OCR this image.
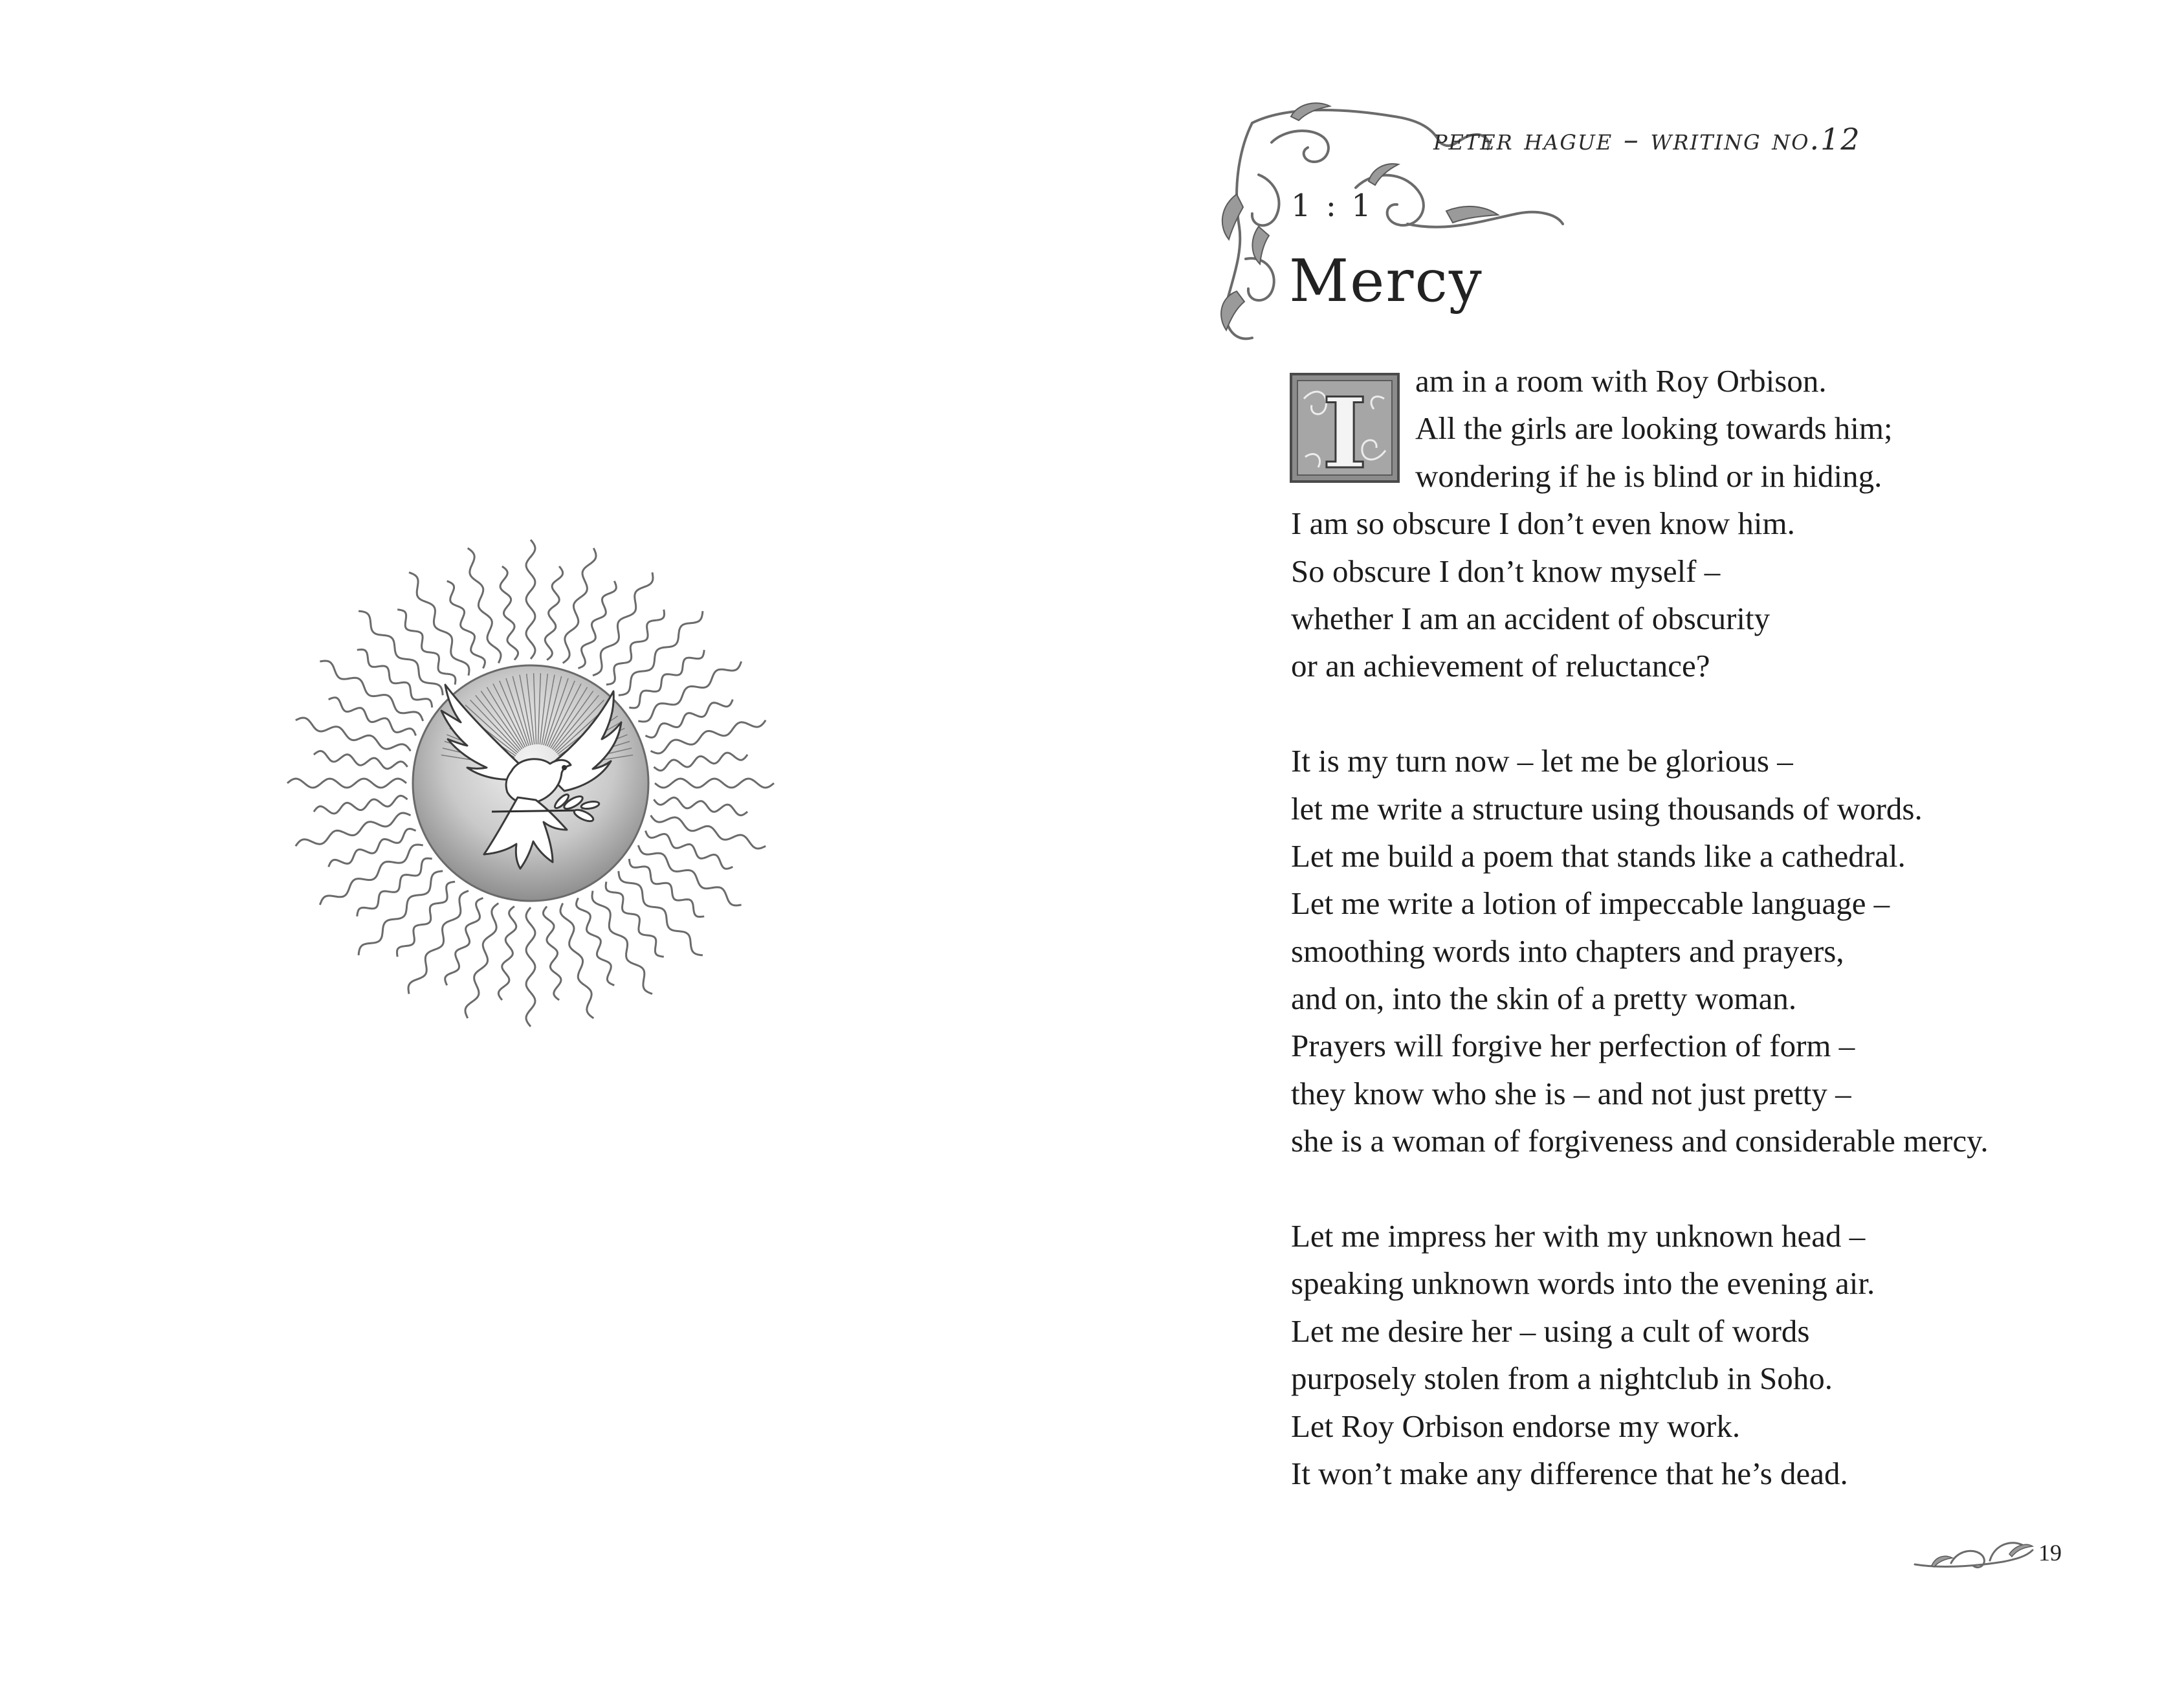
peter hague – writing no.12
1 : 1
Mercy
I	am in a room with Roy Orbison.
All the girls are looking towards him;
wondering if he is blind or in hiding.
I am so obscure I don’t even know him.
So obscure I don’t know myself –
whether I am an accident of obscurity
or an achievement of reluctance?
It is my turn now – let me be glorious –
let me write a structure using thousands of words.
Let me build a poem that stands like a cathedral.
Let me write a lotion of impeccable language –
smoothing words into chapters and prayers,
and on, into the skin of a pretty woman.
Prayers will forgive her perfection of form –
they know who she is – and not just pretty –
she is a woman of forgiveness and considerable mercy.
Let me impress her with my unknown head –
speaking unknown words into the evening air.
Let me desire her – using a cult of words
purposely stolen from a nightclub in Soho.
Let Roy Orbison endorse my work.
It won’t make any difference that he’s dead.
19
